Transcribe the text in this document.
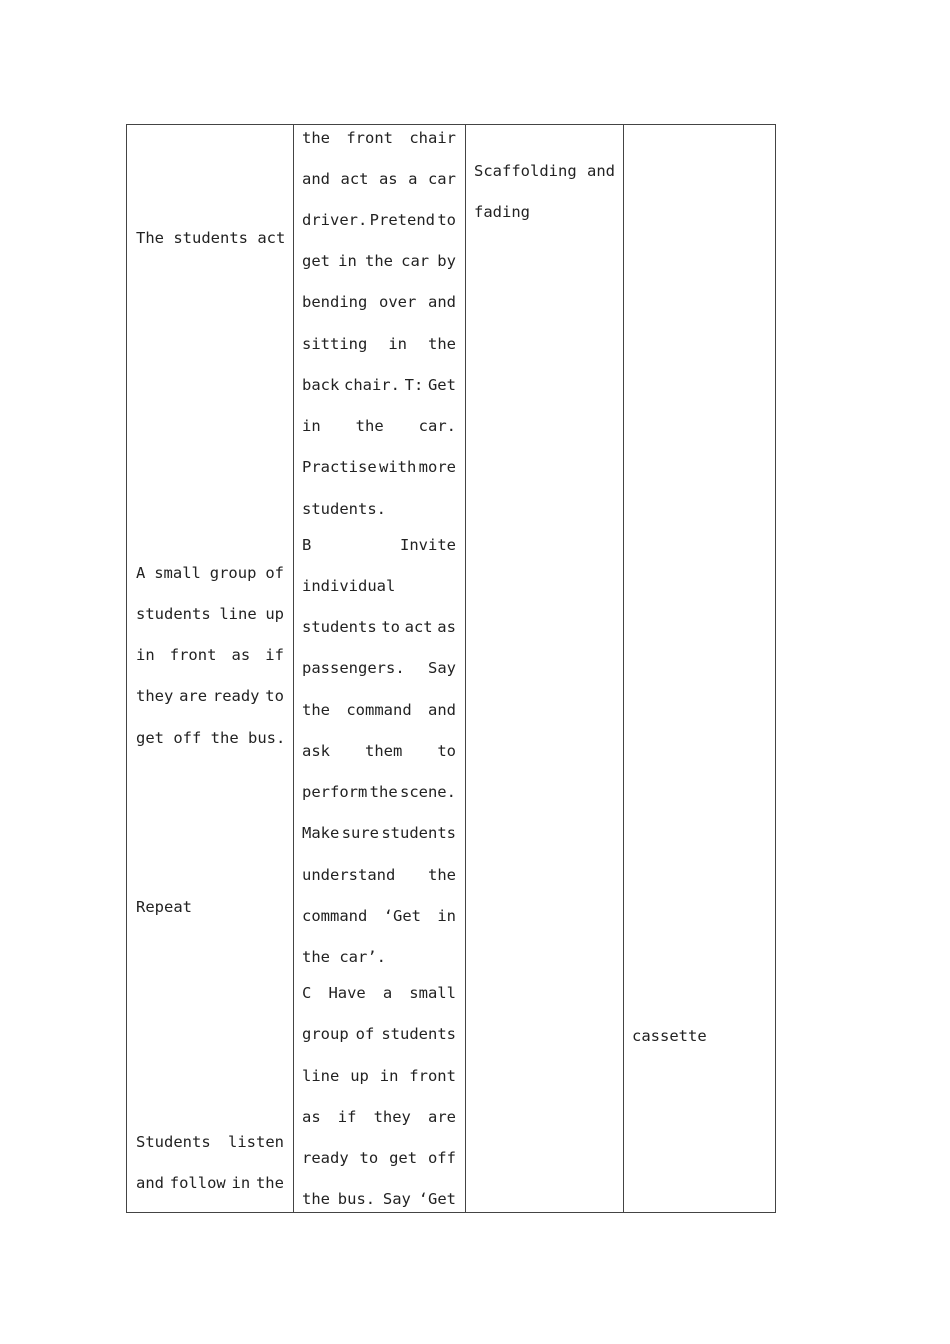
The students act
A small group of
students line up
in front as if
they are ready to
get off the bus.
Repeat
Students listen
and follow in the
the front chair
and act as a car
driver. Pretend to
get in the car by
bending over and
sitting in the
back chair. T: Get
in the car.
Practise with more
students.
B	Invite
individual
students to act as
passengers. Say
the command and
ask them to
perform the scene.
Make sure students
understand the
command ‘Get in
the car’.
C Have a small
group of students
line up in front
as if they are
ready to get off
the bus. Say ‘Get
Scaffolding and
fading
cassette
